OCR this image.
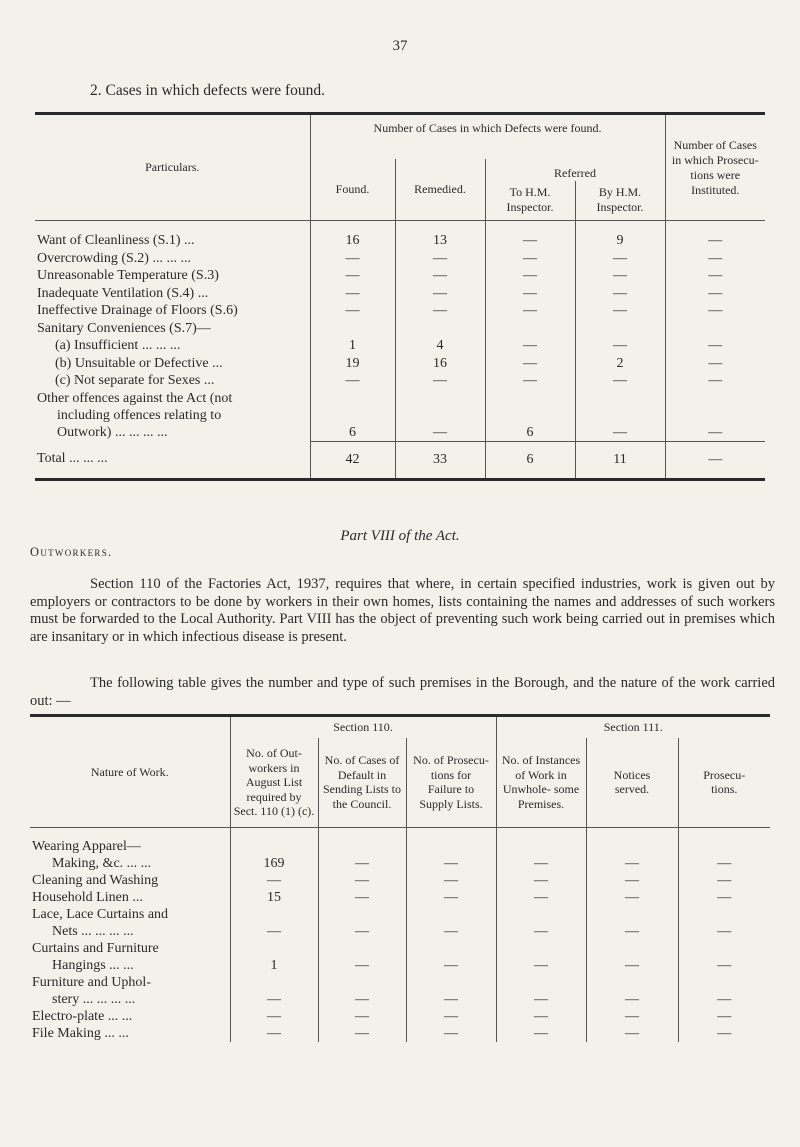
37
2. Cases in which defects were found.
Particulars.	Number of Cases in which Defects were found.				Number of Cases in which Prosecu- tions were Instituted.
	Found.	Remedied.	Referred		
			To H.M. Inspector.	By H.M. Inspector.	

Want of Cleanliness (S.1) ...	16	13	—	9	—
Overcrowding (S.2) ... ... ...	—	—	—	—	—
Unreasonable Temperature (S.3)	—	—	—	—	—
Inadequate Ventilation (S.4) ...	—	—	—	—	—
Ineffective Drainage of Floors (S.6)	—	—	—	—	—
Sanitary Conveniences (S.7)—					
(a) Insufficient ... ... ...	1	4	—	—	—
(b) Unsuitable or Defective ...	19	16	—	2	—
(c) Not separate for Sexes ...	—	—	—	—	—

Other offences against the Act (not
including offences relating to
Outwork) ... ... ... ...	6	—	6	—	—
Total ... ... ...	42	33	6	11	—
Part VIII of the Act.
Outworkers.

Section 110 of the Factories Act, 1937, requires that where, in certain specified industries, work is given out by employers or contractors to be done by workers in their own homes, lists containing the names and addresses of such workers must be forwarded to the Local Authority. Part VIII has the object of preventing such work being carried out in premises which are insanitary or in which infectious disease is present.

The following table gives the number and type of such premises in the Borough, and the nature of the work carried out: —

Nature of Work.	Section 110.			Section 111.		
	No. of Out- workers in August List required by Sect. 110 (1) (c).	No. of Cases of Default in Sending Lists to the Council.	No. of Prosecu- tions for Failure to Supply Lists.	No. of Instances of Work in Unwhole- some Premises.	Notices served.	Prosecu- tions.

Wearing Apparel—
Making, &c. ... ...	169	—	—	—	—	—

Cleaning and Washing	—	—	—	—	—	—

Household Linen ...	15	—	—	—	—	—

Lace, Lace Curtains and
Nets ... ... ... ...	—	—	—	—	—	—

Curtains and Furniture
Hangings ... ...	1	—	—	—	—	—

Furniture and Uphol-
stery ... ... ... ...	—	—	—	—	—	—

Electro-plate ... ...	—	—	—	—	—	—

File Making ... ...	—	—	—	—	—	—
